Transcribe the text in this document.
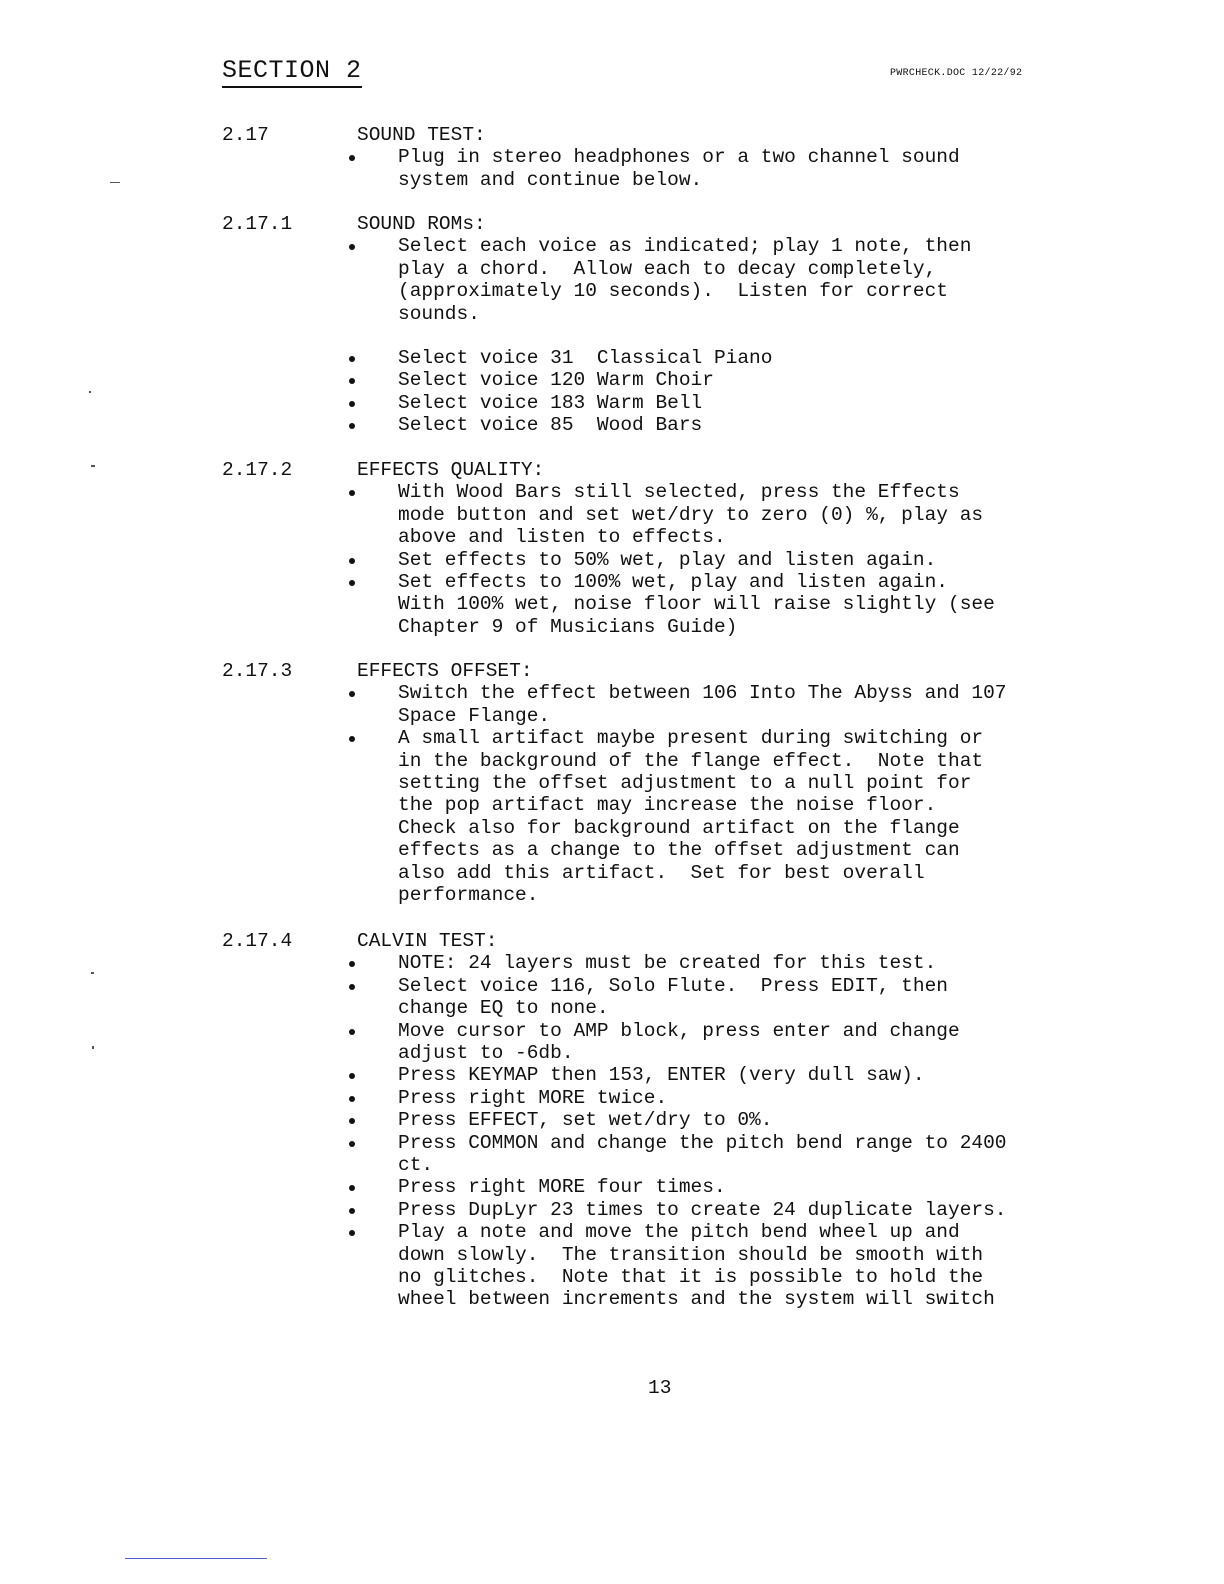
SECTION 2	PWRCHECK.DOC 12/22/92
2.17	SOUND TEST:
Plug in stereo headphones or a two channel sound
system and continue below.
2.17.1	SOUND ROMs:
Select each voice as indicated; play 1 note, then
play a chord.  Allow each to decay completely,
(approximately 10 seconds).  Listen for correct
sounds.
Select voice 31  Classical Piano
Select voice 120 Warm Choir
Select voice 183 Warm Bell
Select voice 85  Wood Bars
2.17.2	EFFECTS QUALITY:
With Wood Bars still selected, press the Effects
mode button and set wet/dry to zero (0) %, play as
above and listen to effects.
Set effects to 50% wet, play and listen again.
Set effects to 100% wet, play and listen again.
With 100% wet, noise floor will raise slightly (see
Chapter 9 of Musicians Guide)
2.17.3	EFFECTS OFFSET:
Switch the effect between 106 Into The Abyss and 107
Space Flange.
A small artifact maybe present during switching or
in the background of the flange effect.  Note that
setting the offset adjustment to a null point for
the pop artifact may increase the noise floor.
Check also for background artifact on the flange
effects as a change to the offset adjustment can
also add this artifact.  Set for best overall
performance.
2.17.4	CALVIN TEST:
NOTE: 24 layers must be created for this test.
Select voice 116, Solo Flute.  Press EDIT, then
change EQ to none.
Move cursor to AMP block, press enter and change
adjust to -6db.
Press KEYMAP then 153, ENTER (very dull saw).
Press right MORE twice.
Press EFFECT, set wet/dry to 0%.
Press COMMON and change the pitch bend range to 2400
ct.
Press right MORE four times.
Press DupLyr 23 times to create 24 duplicate layers.
Play a note and move the pitch bend wheel up and
down slowly.  The transition should be smooth with
no glitches.  Note that it is possible to hold the
wheel between increments and the system will switch
13
